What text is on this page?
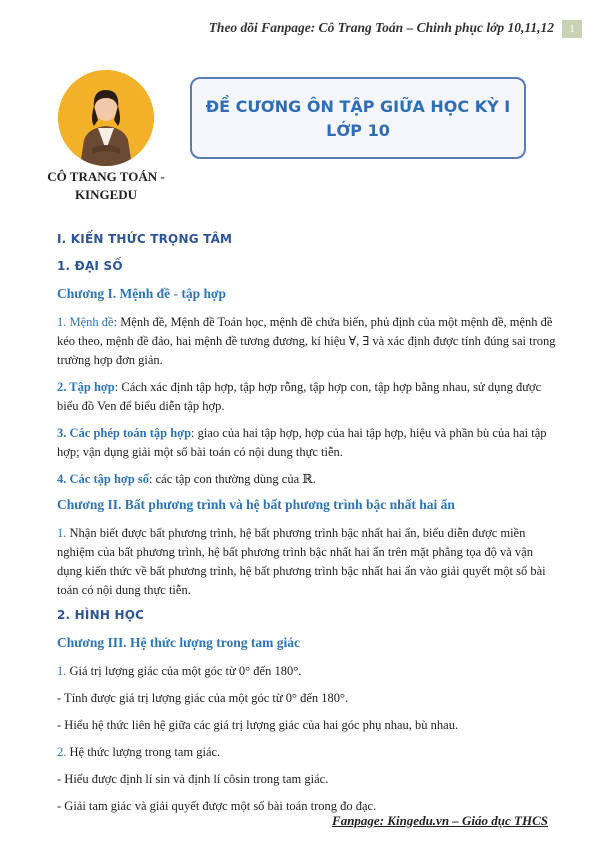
Theo dõi Fanpage: Cô Trang Toán – Chinh phục lớp 10,11,12	1
CÔ TRANG TOÁN -
KINGEDU
ĐỀ CƯƠNG ÔN TẬP GIỮA HỌC KỲ I
LỚP 10
I. KIẾN THỨC TRỌNG TÂM
1. ĐẠI SỐ
Chương I. Mệnh đề - tập hợp

1. Mệnh đề: Mệnh đề, Mệnh đề Toán học, mệnh đề chứa biến, phủ định của một mệnh đề, mệnh đề kéo theo, mệnh đề đảo, hai mệnh đề tương đương, kí hiệu ∀, ∃ và xác định được tính đúng sai trong trường hợp đơn giản.

2. Tập hợp: Cách xác định tập hợp, tập hợp rỗng, tập hợp con, tập hợp bằng nhau, sử dụng được biểu đồ Ven để biểu diễn tập hợp.

3. Các phép toán tập hợp: giao của hai tập hợp, hợp của hai tập hợp, hiệu và phần bù của hai tập hợp; vận dụng giải một số bài toán có nội dung thực tiễn.

4. Các tập hợp số: các tập con thường dùng của ℝ.

Chương II. Bất phương trình và hệ bất phương trình bậc nhất hai ẩn

1. Nhận biết được bất phương trình, hệ bất phương trình bậc nhất hai ẩn, biểu diễn được miền nghiệm của bất phương trình, hệ bất phương trình bậc nhất hai ẩn trên mặt phẳng tọa độ và vận dụng kiến thức về bất phương trình, hệ bất phương trình bậc nhất hai ẩn vào giải quyết một số bài toán có nội dung thực tiễn.

2. HÌNH HỌC
Chương III. Hệ thức lượng trong tam giác

1. Giá trị lượng giác của một góc từ 0° đến 180°.

- Tính được giá trị lượng giác của một góc từ 0° đến 180°.

- Hiểu hệ thức liên hệ giữa các giá trị lượng giác của hai góc phụ nhau, bù nhau.

2. Hệ thức lượng trong tam giác.

- Hiểu được định lí sin và định lí côsin trong tam giác.

- Giải tam giác và giải quyết được một số bài toán trong đo đạc.

Fanpage: Kingedu.vn – Giáo dục THCS
